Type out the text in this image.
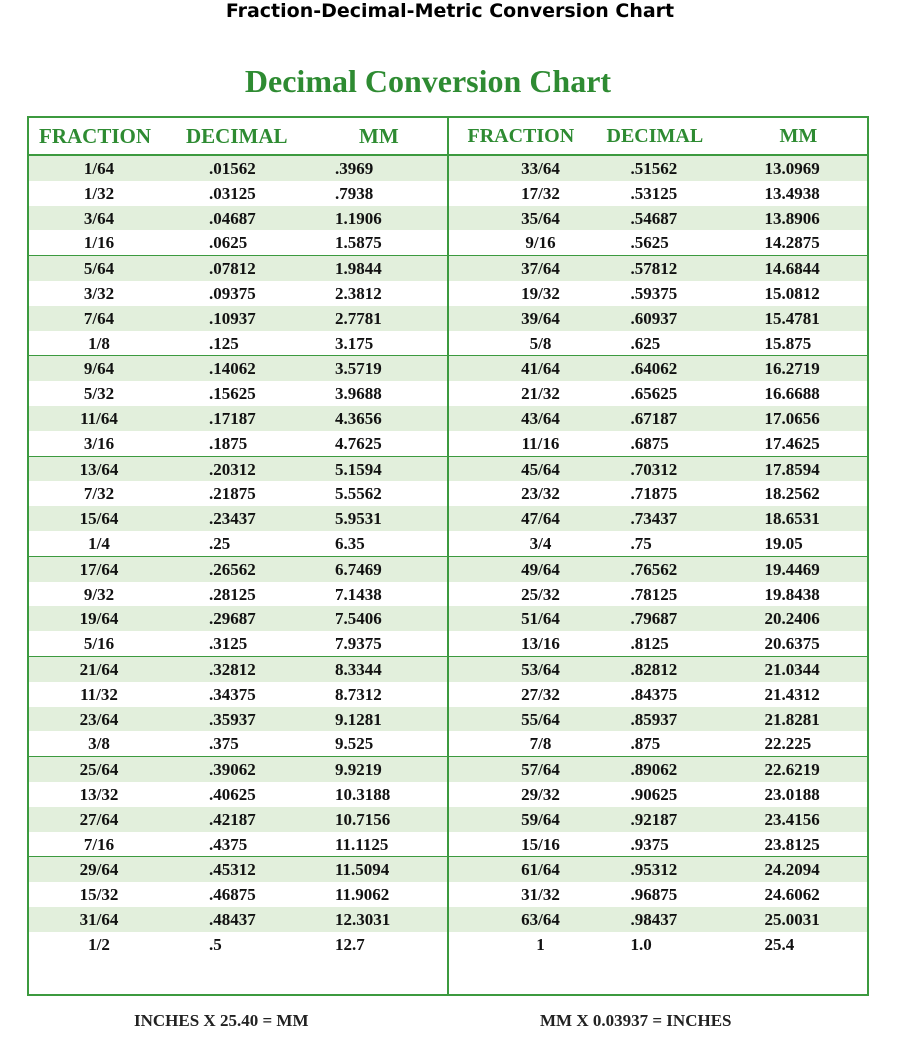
Fraction-Decimal-Metric Conversion Chart
Decimal Conversion Chart
FRACTION DECIMAL	MM
1/64	.01562	.3969
1/32	.03125	.7938
3/64	.04687	1.1906
1/16	.0625	1.5875
5/64	.07812	1.9844
3/32	.09375	2.3812
7/64	.10937	2.7781
1/8	.125	3.175
9/64	.14062	3.5719
5/32	.15625	3.9688
11/64	.17187	4.3656
3/16	.1875	4.7625
13/64	.20312	5.1594
7/32	.21875	5.5562
15/64	.23437	5.9531
1/4	.25	6.35
17/64	.26562	6.7469
9/32	.28125	7.1438
19/64	.29687	7.5406
5/16	.3125	7.9375
21/64	.32812	8.3344
11/32	.34375	8.7312
23/64	.35937	9.1281
3/8	.375	9.525
25/64	.39062	9.9219
13/32	.40625	10.3188
27/64	.42187	10.7156
7/16	.4375	11.1125
29/64	.45312	11.5094
15/32	.46875	11.9062
31/64	.48437	12.3031
1/2	.5	12.7
FRACTION DECIMAL	MM
33/64	.51562	13.0969
17/32	.53125	13.4938
35/64	.54687	13.8906
9/16	.5625	14.2875
37/64	.57812	14.6844
19/32	.59375	15.0812
39/64	.60937	15.4781
5/8	.625	15.875
41/64	.64062	16.2719
21/32	.65625	16.6688
43/64	.67187	17.0656
11/16	.6875	17.4625
45/64	.70312	17.8594
23/32	.71875	18.2562
47/64	.73437	18.6531
3/4	.75	19.05
49/64	.76562	19.4469
25/32	.78125	19.8438
51/64	.79687	20.2406
13/16	.8125	20.6375
53/64	.82812	21.0344
27/32	.84375	21.4312
55/64	.85937	21.8281
7/8	.875	22.225
57/64	.89062	22.6219
29/32	.90625	23.0188
59/64	.92187	23.4156
15/16	.9375	23.8125
61/64	.95312	24.2094
31/32	.96875	24.6062
63/64	.98437	25.0031
1	1.0	25.4
INCHES X 25.40 = MM	MM X 0.03937 = INCHES
